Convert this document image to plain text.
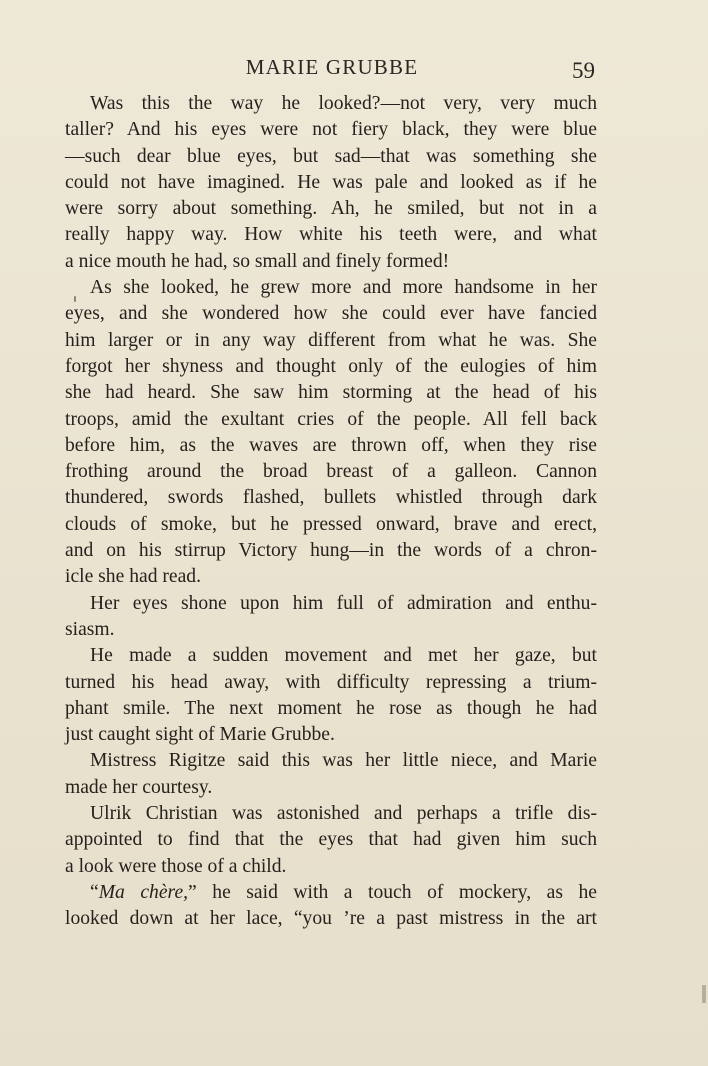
MARIE GRUBBE	59
Was this the way he looked?—not very, very much
taller? And his eyes were not fiery black, they were blue
—such dear blue eyes, but sad—that was something she
could not have imagined. He was pale and looked as if he
were sorry about something. Ah, he smiled, but not in a
really happy way. How white his teeth were, and what
a nice mouth he had, so small and finely formed!
As she looked, he grew more and more handsome in her
eyes, and she wondered how she could ever have fancied
him larger or in any way different from what he was. She
forgot her shyness and thought only of the eulogies of him
she had heard. She saw him storming at the head of his
troops, amid the exultant cries of the people. All fell back
before him, as the waves are thrown off, when they rise
frothing around the broad breast of a galleon. Cannon
thundered, swords flashed, bullets whistled through dark
clouds of smoke, but he pressed onward, brave and erect,
and on his stirrup Victory hung—in the words of a chron-
icle she had read.
Her eyes shone upon him full of admiration and enthu-
siasm.
He made a sudden movement and met her gaze, but
turned his head away, with difficulty repressing a trium-
phant smile. The next moment he rose as though he had
just caught sight of Marie Grubbe.
Mistress Rigitze said this was her little niece, and Marie
made her courtesy.
Ulrik Christian was astonished and perhaps a trifle dis-
appointed to find that the eyes that had given him such
a look were those of a child.
“Ma chère,” he said with a touch of mockery, as he
looked down at her lace, “you ’re a past mistress in the art
